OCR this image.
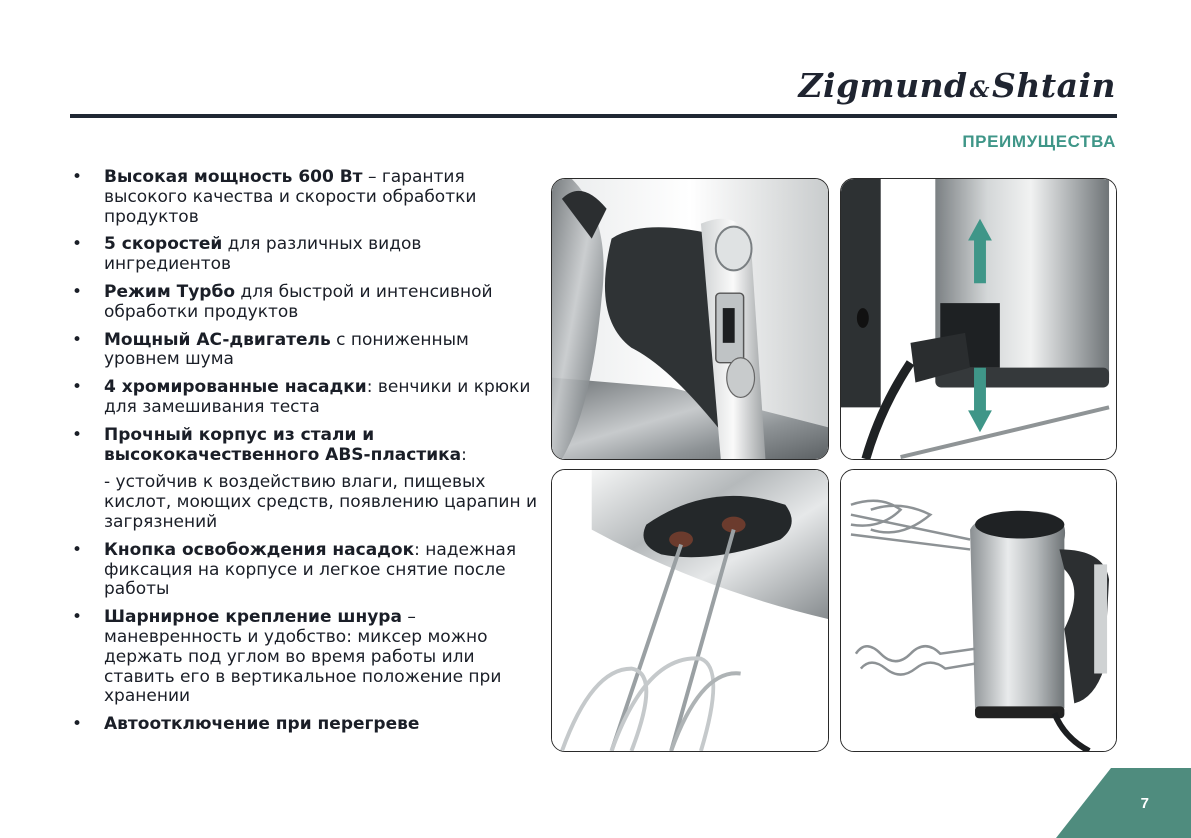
Zigmund&Shtain
ПРЕИМУЩЕСТВА
• Высокая мощность 600 Вт – гарантия высокого качества и скорости обработки продуктов
• 5 скоростей для различных видов ингредиентов
• Режим Турбо для быстрой и интенсивной обработки продуктов
• Мощный AC-двигатель с пониженным уровнем шума
• 4 хромированные насадки: венчики и крюки для замешивания теста
• Прочный корпус из стали и высококачественного ABS-пластика:
- устойчив к воздействию влаги, пищевых кислот, моющих средств, появлению царапин и загрязнений
• Кнопка освобождения насадок: надежная фиксация на корпусе и легкое снятие после работы
• Шарнирное крепление шнура – маневренность и удобство: миксер можно держать под углом во время работы или ставить его в вертикальное положение при хранении
• Автоотключение при перегреве
7
